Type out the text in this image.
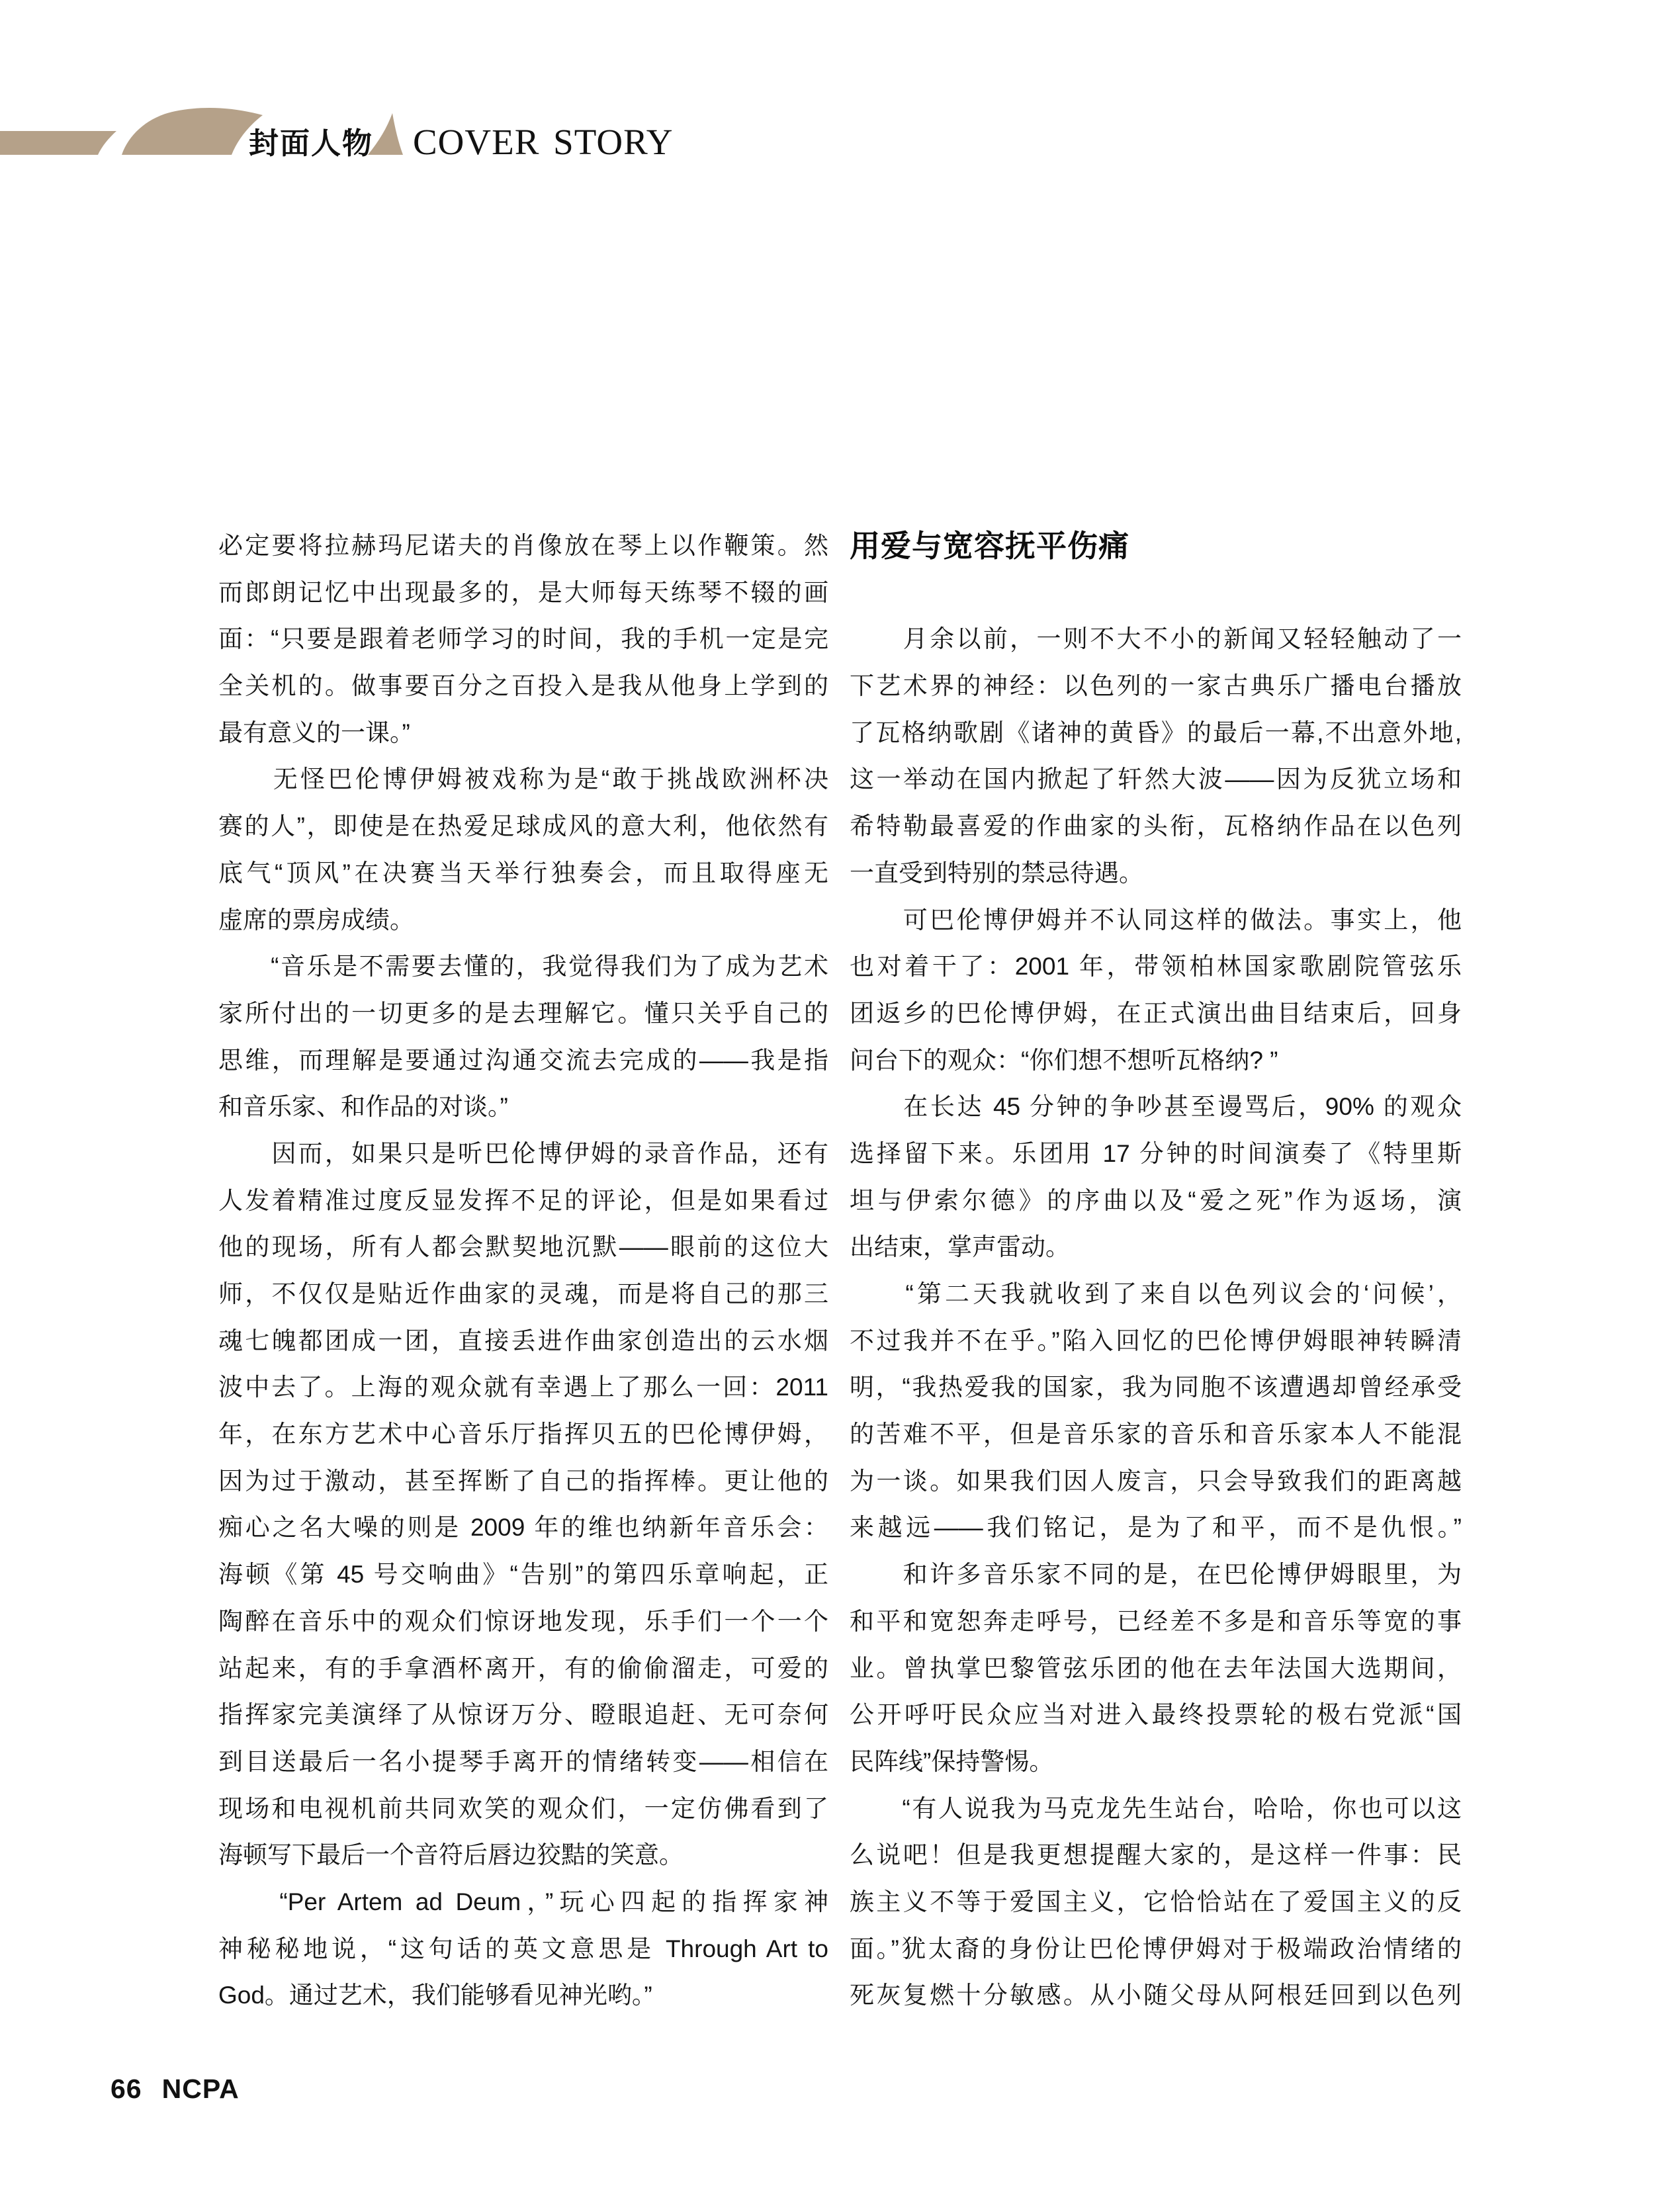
封面人物 COVER STORY
必定要将拉赫玛尼诺夫的肖像放在琴上以作鞭策。然
而郎朗记忆中出现最多的，是大师每天练琴不辍的画
面：“只要是跟着老师学习的时间，我的手机一定是完
全关机的。做事要百分之百投入是我从他身上学到的
最有意义的一课。”
　　无怪巴伦博伊姆被戏称为是“敢于挑战欧洲杯决
赛的人”，即使是在热爱足球成风的意大利，他依然有
底气“顶风”在决赛当天举行独奏会，而且取得座无
虚席的票房成绩。
　　“音乐是不需要去懂的，我觉得我们为了成为艺术
家所付出的一切更多的是去理解它。懂只关乎自己的
思维，而理解是要通过沟通交流去完成的——我是指
和音乐家、和作品的对谈。”
　　因而，如果只是听巴伦博伊姆的录音作品，还有
人发着精准过度反显发挥不足的评论，但是如果看过
他的现场，所有人都会默契地沉默——眼前的这位大
师，不仅仅是贴近作曲家的灵魂，而是将自己的那三
魂七魄都团成一团，直接丢进作曲家创造出的云水烟
波中去了。上海的观众就有幸遇上了那么一回：2011
年，在东方艺术中心音乐厅指挥贝五的巴伦博伊姆，
因为过于激动，甚至挥断了自己的指挥棒。更让他的
痴心之名大噪的则是 2009 年的维也纳新年音乐会：
海顿《第 45 号交响曲》“告别”的第四乐章响起，正
陶醉在音乐中的观众们惊讶地发现，乐手们一个一个
站起来，有的手拿酒杯离开，有的偷偷溜走，可爱的
指挥家完美演绎了从惊讶万分、瞪眼追赶、无可奈何
到目送最后一名小提琴手离开的情绪转变——相信在
现场和电视机前共同欢笑的观众们，一定仿佛看到了
海顿写下最后一个音符后唇边狡黠的笑意。
　　“Per Artem ad Deum，”玩心四起的指挥家神
神秘秘地说，“这句话的英文意思是 Through Art to
God。通过艺术，我们能够看见神光哟。”
用爱与宽容抚平伤痛
　　月余以前，一则不大不小的新闻又轻轻触动了一
下艺术界的神经：以色列的一家古典乐广播电台播放
了瓦格纳歌剧《诸神的黄昏》的最后一幕,不出意外地,
这一举动在国内掀起了轩然大波——因为反犹立场和
希特勒最喜爱的作曲家的头衔，瓦格纳作品在以色列
一直受到特别的禁忌待遇。
　　可巴伦博伊姆并不认同这样的做法。事实上，他
也对着干了：2001 年，带领柏林国家歌剧院管弦乐
团返乡的巴伦博伊姆，在正式演出曲目结束后，回身
问台下的观众：“你们想不想听瓦格纳? ”
　　在长达 45 分钟的争吵甚至谩骂后，90% 的观众
选择留下来。乐团用 17 分钟的时间演奏了《特里斯
坦与伊索尔德》的序曲以及“爱之死”作为返场，演
出结束，掌声雷动。
　　“第二天我就收到了来自以色列议会的‘问候’，
不过我并不在乎。”陷入回忆的巴伦博伊姆眼神转瞬清
明，“我热爱我的国家，我为同胞不该遭遇却曾经承受
的苦难不平，但是音乐家的音乐和音乐家本人不能混
为一谈。如果我们因人废言，只会导致我们的距离越
来越远——我们铭记，是为了和平，而不是仇恨。”
　　和许多音乐家不同的是，在巴伦博伊姆眼里，为
和平和宽恕奔走呼号，已经差不多是和音乐等宽的事
业。曾执掌巴黎管弦乐团的他在去年法国大选期间，
公开呼吁民众应当对进入最终投票轮的极右党派“国
民阵线”保持警惕。
　　“有人说我为马克龙先生站台，哈哈，你也可以这
么说吧！但是我更想提醒大家的，是这样一件事：民
族主义不等于爱国主义，它恰恰站在了爱国主义的反
面。”犹太裔的身份让巴伦博伊姆对于极端政治情绪的
死灰复燃十分敏感。从小随父母从阿根廷回到以色列
66 NCPA
